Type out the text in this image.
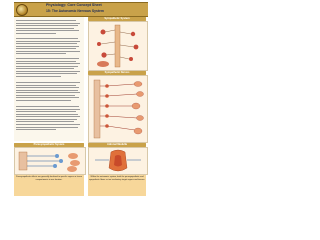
Physiology: Core Concept Sheet
15: The Autonomic Nervous System
Sympathetic System
Sympathetic Nerves
Parasympathetic System	Adrenal Medulla
Parasympathetic effects are generally localised to specific organs or tissue compartments in one location.
Within the autonomic system, both the parasympathetic and sympathetic fibres act on involuntary target organs and tissues.
